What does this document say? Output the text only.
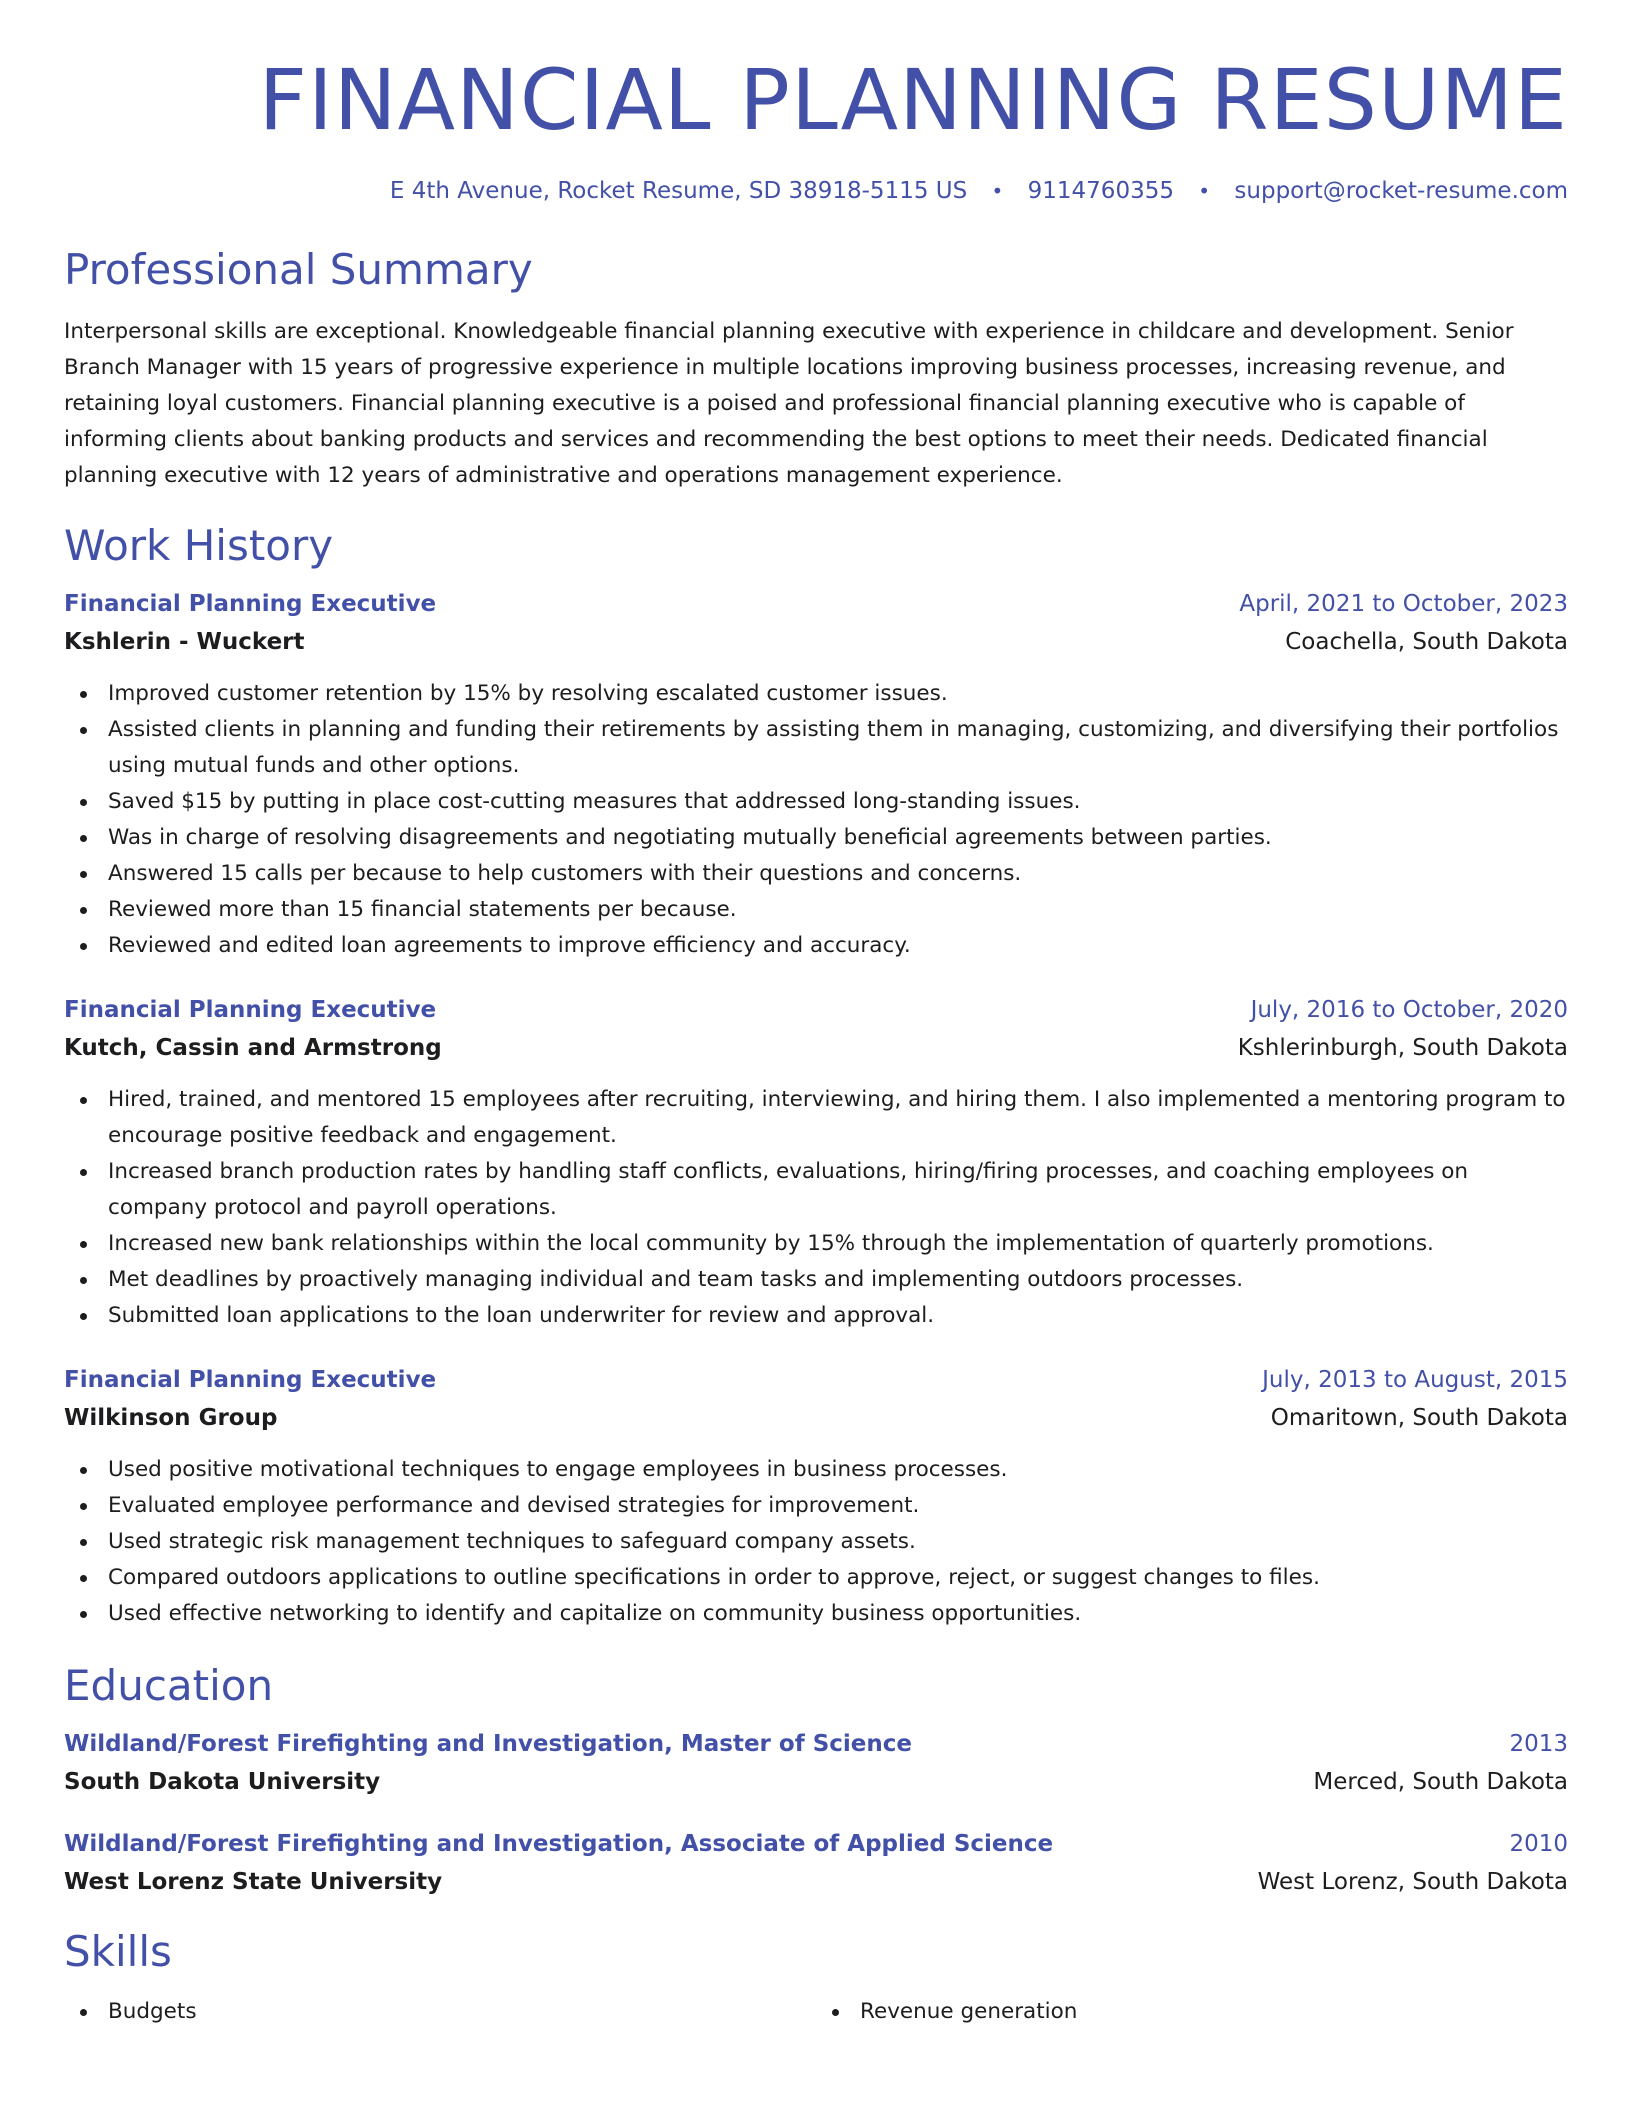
FINANCIAL PLANNING RESUME
E 4th Avenue, Rocket Resume, SD 38918-5115 US • 9114760355 • support@rocket-resume.com
Professional Summary
Interpersonal skills are exceptional. Knowledgeable financial planning executive with experience in childcare and development. Senior Branch Manager with 15 years of progressive experience in multiple locations improving business processes, increasing revenue, and retaining loyal customers. Financial planning executive is a poised and professional financial planning executive who is capable of informing clients about banking products and services and recommending the best options to meet their needs. Dedicated financial planning executive with 12 years of administrative and operations management experience.
Work History
Financial Planning Executive	April, 2021 to October, 2023
Kshlerin - Wuckert	Coachella, South Dakota
Improved customer retention by 15% by resolving escalated customer issues.
Assisted clients in planning and funding their retirements by assisting them in managing, customizing, and diversifying their portfolios using mutual funds and other options.
Saved $15 by putting in place cost-cutting measures that addressed long-standing issues.
Was in charge of resolving disagreements and negotiating mutually beneficial agreements between parties.
Answered 15 calls per because to help customers with their questions and concerns.
Reviewed more than 15 financial statements per because.
Reviewed and edited loan agreements to improve efficiency and accuracy.
Financial Planning Executive	July, 2016 to October, 2020
Kutch, Cassin and Armstrong	Kshlerinburgh, South Dakota
Hired, trained, and mentored 15 employees after recruiting, interviewing, and hiring them. I also implemented a mentoring program to encourage positive feedback and engagement.
Increased branch production rates by handling staff conflicts, evaluations, hiring/firing processes, and coaching employees on company protocol and payroll operations.
Increased new bank relationships within the local community by 15% through the implementation of quarterly promotions.
Met deadlines by proactively managing individual and team tasks and implementing outdoors processes.
Submitted loan applications to the loan underwriter for review and approval.
Financial Planning Executive	July, 2013 to August, 2015
Wilkinson Group	Omaritown, South Dakota
Used positive motivational techniques to engage employees in business processes.
Evaluated employee performance and devised strategies for improvement.
Used strategic risk management techniques to safeguard company assets.
Compared outdoors applications to outline specifications in order to approve, reject, or suggest changes to files.
Used effective networking to identify and capitalize on community business opportunities.
Education
Wildland/Forest Firefighting and Investigation, Master of Science	2013
South Dakota University	Merced, South Dakota
Wildland/Forest Firefighting and Investigation, Associate of Applied Science	2010
West Lorenz State University	West Lorenz, South Dakota
Skills
Budgets	Revenue generation
